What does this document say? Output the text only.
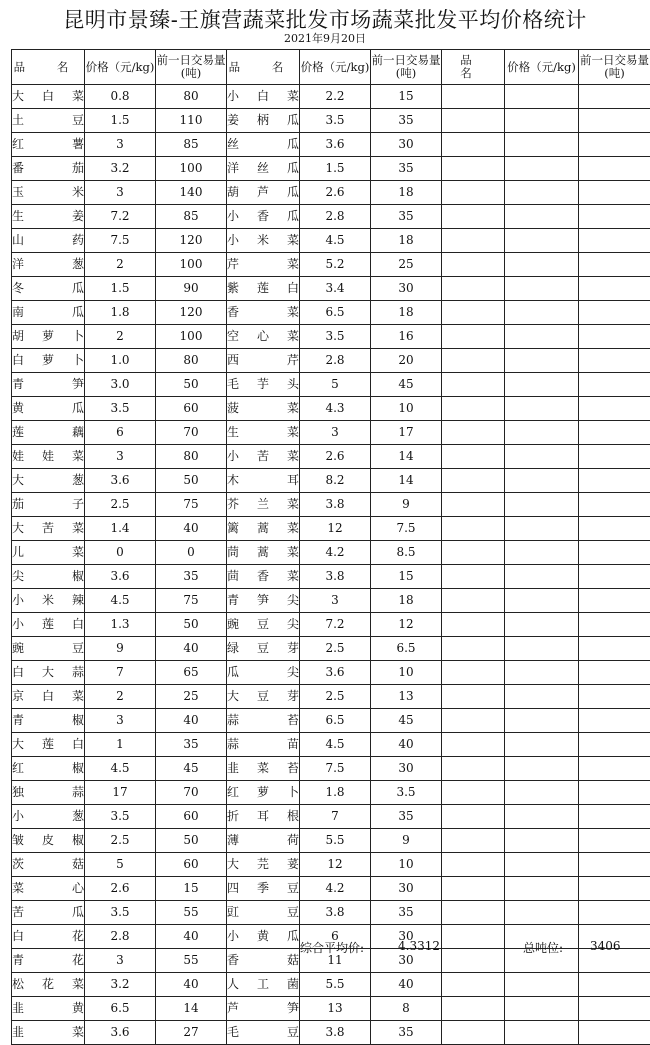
昆明市景臻-王旗营蔬菜批发市场蔬菜批发平均价格统计
2021年9月20日
品 名	价格（元/kg)	前一日交易量(吨)	品 名	价格（元/kg)	前一日交易量(吨)	品 名	价格（元/kg)	前一日交易量(吨)
大白菜	0.8	80	小白菜	2.2	15			
土 豆	1.5	110	姜柄瓜	3.5	35			
红 薯	3	85	丝 瓜	3.6	30			
番 茄	3.2	100	洋丝瓜	1.5	35			
玉 米	3	140	葫芦瓜	2.6	18			
生 姜	7.2	85	小香瓜	2.8	35			
山 药	7.5	120	小米菜	4.5	18			
洋 葱	2	100	芹 菜	5.2	25			
冬 瓜	1.5	90	紫莲白	3.4	30			
南 瓜	1.8	120	香 菜	6.5	18			
胡萝卜	2	100	空心菜	3.5	16			
白萝卜	1.0	80	西 芹	2.8	20			
青 笋	3.0	50	毛芋头	5	45			
黄 瓜	3.5	60	菠 菜	4.3	10			
莲 藕	6	70	生 菜	3	17			
娃娃菜	3	80	小苦菜	2.6	14			
大 葱	3.6	50	木 耳	8.2	14			
茄 子	2.5	75	芥兰菜	3.8	9			
大苦菜	1.4	40	篱蒿菜	12	7.5			
儿 菜	0	0	茼蒿菜	4.2	8.5			
尖 椒	3.6	35	茴香菜	3.8	15			
小米辣	4.5	75	青笋尖	3	18			
小莲白	1.3	50	豌豆尖	7.2	12			
豌 豆	9	40	绿豆芽	2.5	6.5			
白大蒜	7	65	瓜 尖	3.6	10			
京白菜	2	25	大豆芽	2.5	13			
青 椒	3	40	蒜 苔	6.5	45			
大莲白	1	35	蒜 苗	4.5	40			
红 椒	4.5	45	韭菜苔	7.5	30			
独 蒜	17	70	红萝卜	1.8	3.5			
小 葱	3.5	60	折耳根	7	35			
皱皮椒	2.5	50	薄 荷	5.5	9			
茨 菇	5	60	大芫荽	12	10			
菜 心	2.6	15	四季豆	4.2	30			
苦 瓜	3.5	55	豇 豆	3.8	35			
白 花	2.8	40	小黄瓜	6	30			
青 花	3	55	香 菇	11	30			
松花菜	3.2	40	人工菌	5.5	40			
韭 黄	6.5	14	芦 笋	13	8			
韭 菜	3.6	27	毛 豆	3.8	35			
综合平均价:	4.3312	总吨位: 3406
